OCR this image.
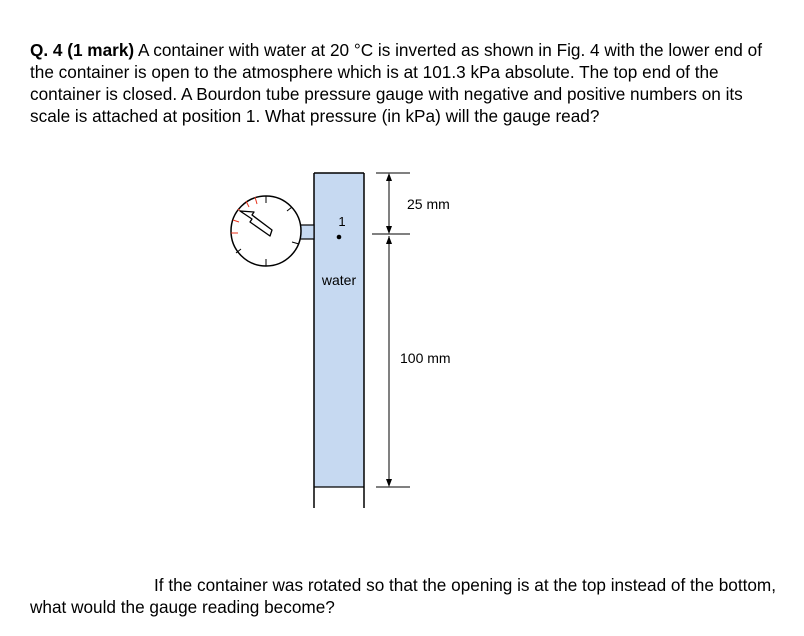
Q. 4 (1 mark) A container with water at 20 °C is inverted as shown in Fig. 4 with the lower end of the container is open to the atmosphere which is at 101.3 kPa absolute. The top end of the container is closed. A Bourdon tube pressure gauge with negative and positive numbers on its scale is attached at position 1. What pressure (in kPa) will the gauge read?

1
water
25 mm
100 mm

If the container was rotated so that the opening is at the top instead of the bottom, what would the gauge reading become?
